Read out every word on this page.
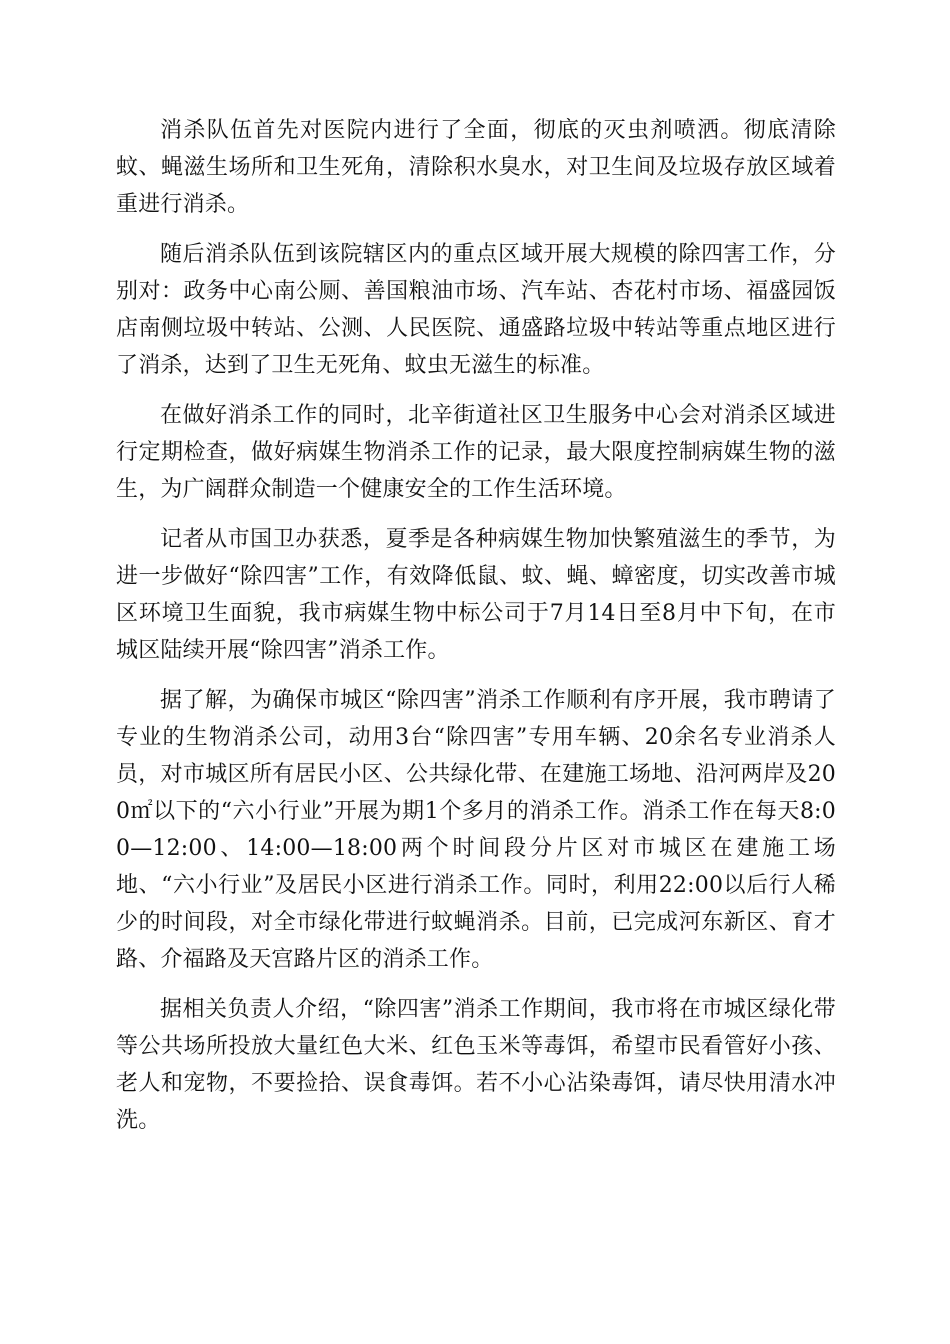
消杀队伍首先对医院内进行了全面，彻底的灭虫剂喷洒。彻底清除蚊、蝇滋生场所和卫生死角，清除积水臭水，对卫生间及垃圾存放区域着重进行消杀。

随后消杀队伍到该院辖区内的重点区域开展大规模的除四害工作，分别对：政务中心南公厕、善国粮油市场、汽车站、杏花村市场、福盛园饭店南侧垃圾中转站、公测、人民医院、通盛路垃圾中转站等重点地区进行了消杀，达到了卫生无死角、蚊虫无滋生的标准。

在做好消杀工作的同时，北辛街道社区卫生服务中心会对消杀区域进行定期检查，做好病媒生物消杀工作的记录，最大限度控制病媒生物的滋生，为广阔群众制造一个健康安全的工作生活环境。

记者从市国卫办获悉，夏季是各种病媒生物加快繁殖滋生的季节，为进一步做好“除四害”工作，有效降低鼠、蚊、蝇、蟑密度，切实改善市城区环境卫生面貌，我市病媒生物中标公司于7月14日至8月中下旬，在市城区陆续开展“除四害”消杀工作。

据了解，为确保市城区“除四害”消杀工作顺利有序开展，我市聘请了专业的生物消杀公司，动用3台“除四害”专用车辆、20余名专业消杀人员，对市城区所有居民小区、公共绿化带、在建施工场地、沿河两岸及200㎡以下的“六小行业”开展为期1个多月的消杀工作。消杀工作在每天8:00—12:00、14:00—18:00两个时间段分片区对市城区在建施工场地、“六小行业”及居民小区进行消杀工作。同时，利用22:00以后行人稀少的时间段，对全市绿化带进行蚊蝇消杀。目前，已完成河东新区、育才路、介福路及天宫路片区的消杀工作。

据相关负责人介绍，“除四害”消杀工作期间，我市将在市城区绿化带等公共场所投放大量红色大米、红色玉米等毒饵，希望市民看管好小孩、老人和宠物，不要捡拾、误食毒饵。若不小心沾染毒饵，请尽快用清水冲洗。
